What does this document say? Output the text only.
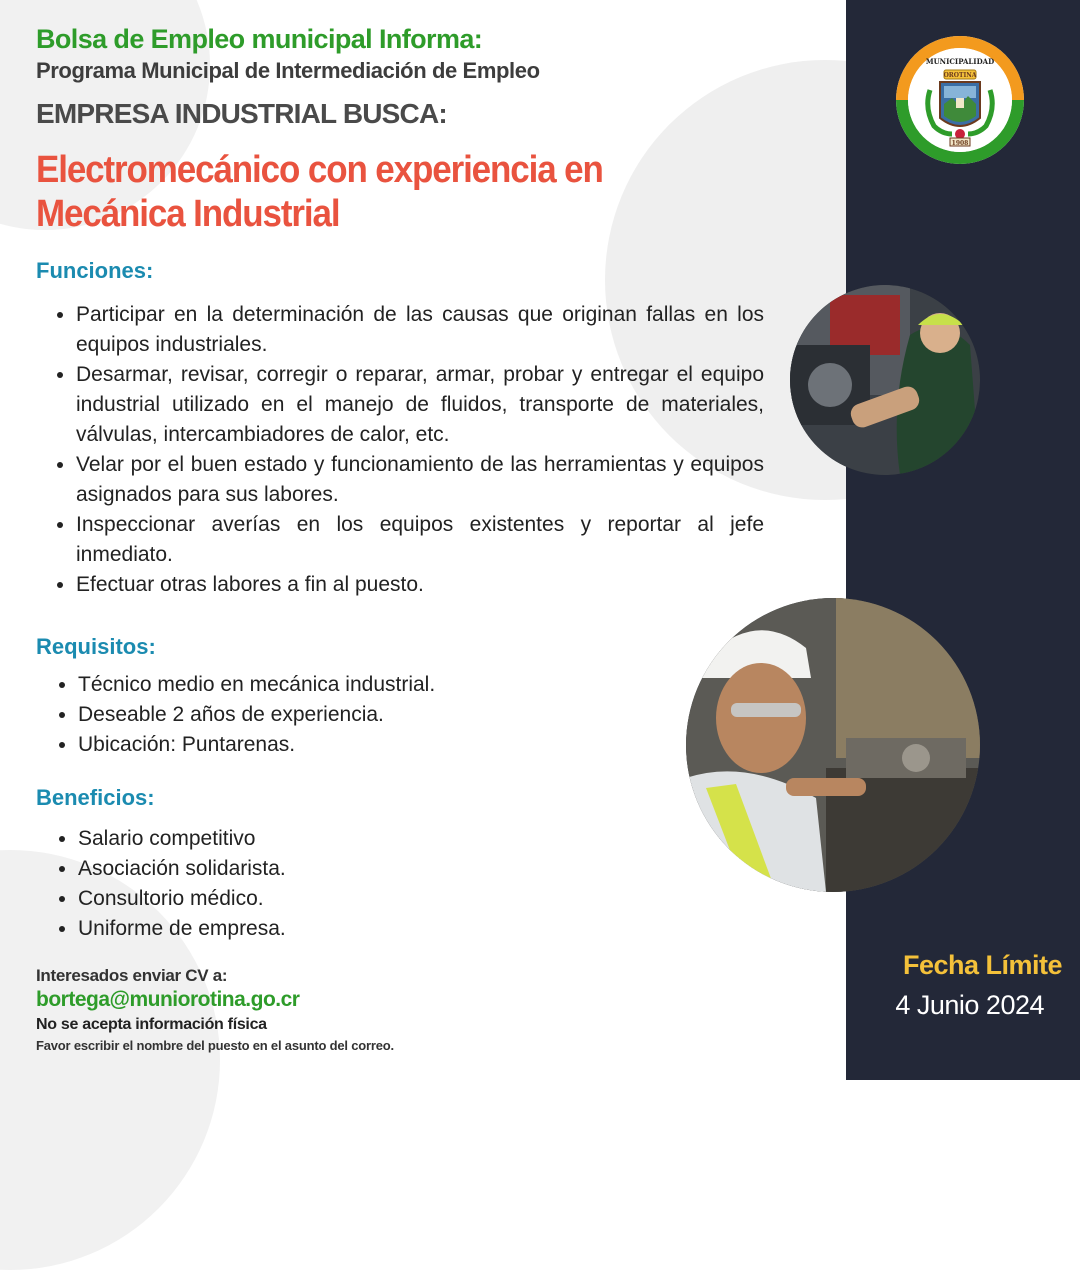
MUNICIPALIDAD
OROTINA
1908

Bolsa de Empleo municipal Informa:

Programa Municipal de Intermediación de Empleo

EMPRESA INDUSTRIAL BUSCA:

Electromecánico con experiencia en Mecánica Industrial

Funciones:

• Participar en la determinación de las causas que originan fallas en los equipos industriales.
• Desarmar, revisar, corregir o reparar, armar, probar y entregar el equipo industrial utilizado en el manejo de fluidos, transporte de materiales, válvulas, intercambiadores de calor, etc.
• Velar por el buen estado y funcionamiento de las herramientas y equipos asignados para sus labores.
• Inspeccionar averías en los equipos existentes y reportar al jefe inmediato.
• Efectuar otras labores a fin al puesto.

Requisitos:

• Técnico medio en mecánica industrial.
• Deseable 2 años de experiencia.
• Ubicación: Puntarenas.

Beneficios:

• Salario competitivo
• Asociación solidarista.
• Consultorio médico.
• Uniforme de empresa.

Interesados enviar CV a:

bortega@muniorotina.go.cr

No se acepta información física

Favor escribir el nombre del puesto en el asunto del correo.

Fecha Límite

4 Junio 2024
